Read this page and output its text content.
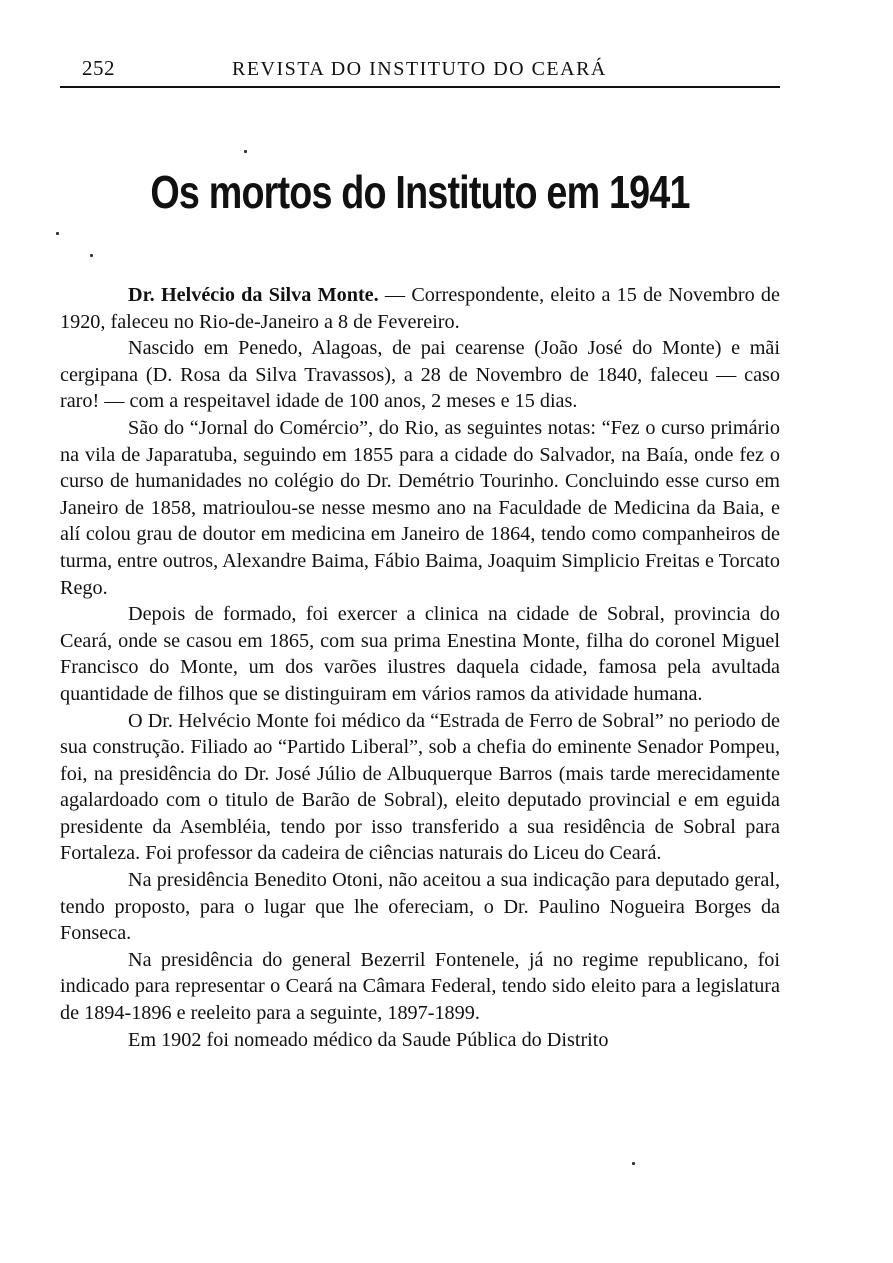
252	REVISTA DO INSTITUTO DO CEARÁ
Os mortos do Instituto em 1941

Dr. Helvécio da Silva Monte. — Correspondente, eleito a 15 de Novembro de 1920, faleceu no Rio-de-Janeiro a 8 de Fevereiro.

Nascido em Penedo, Alagoas, de pai cearense (João José do Monte) e mãi cergipana (D. Rosa da Silva Travassos), a 28 de Novembro de 1840, faleceu — caso raro! — com a respeitavel idade de 100 anos, 2 meses e 15 dias.

São do “Jornal do Comércio”, do Rio, as seguintes notas: “Fez o curso primário na vila de Japaratuba, seguindo em 1855 para a cidade do Salvador, na Baía, onde fez o curso de humanidades no colégio do Dr. Demétrio Tourinho. Concluindo esse curso em Janeiro de 1858, matrioulou-se nesse mesmo ano na Faculdade de Medicina da Baia, e alí colou grau de doutor em medicina em Janeiro de 1864, tendo como companheiros de turma, entre outros, Alexandre Baima, Fábio Baima, Joaquim Simplicio Freitas e Torcato Rego.

Depois de formado, foi exercer a clinica na cidade de Sobral, provincia do Ceará, onde se casou em 1865, com sua prima Enestina Monte, filha do coronel Miguel Francisco do Monte, um dos varões ilustres daquela cidade, famosa pela avultada quantidade de filhos que se distinguiram em vários ramos da atividade humana.

O Dr. Helvécio Monte foi médico da “Estrada de Ferro de Sobral” no periodo de sua construção. Filiado ao “Partido Liberal”, sob a chefia do eminente Senador Pompeu, foi, na presidência do Dr. José Júlio de Albuquerque Barros (mais tarde merecidamente agalardoado com o titulo de Barão de Sobral), eleito deputado provincial e em eguida presidente da Asembléia, tendo por isso transferido a sua residência de Sobral para Fortaleza. Foi professor da cadeira de ciências naturais do Liceu do Ceará.

Na presidência Benedito Otoni, não aceitou a sua indicação para deputado geral, tendo proposto, para o lugar que lhe ofereciam, o Dr. Paulino Nogueira Borges da Fonseca.

Na presidência do general Bezerril Fontenele, já no regime republicano, foi indicado para representar o Ceará na Câmara Federal, tendo sido eleito para a legislatura de 1894-1896 e reeleito para a seguinte, 1897-1899.

Em 1902 foi nomeado médico da Saude Pública do Distrito
